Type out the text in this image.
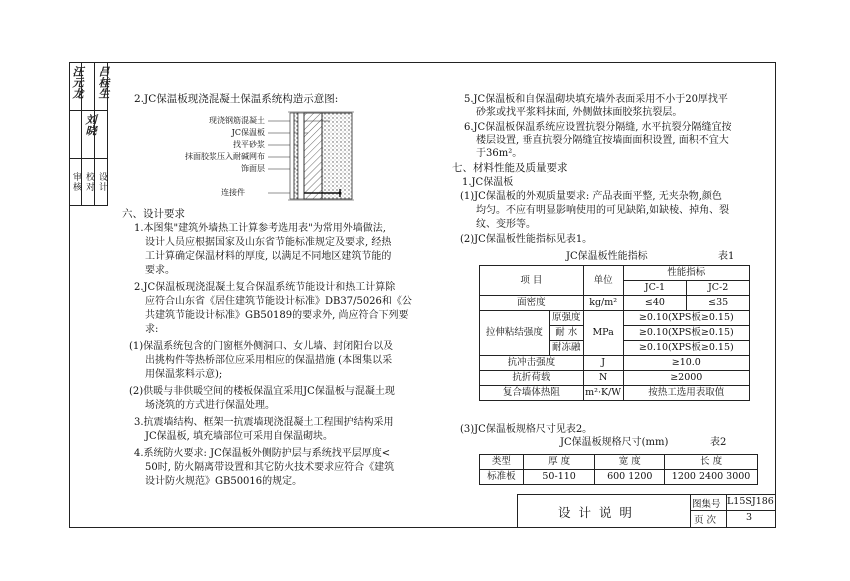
审核 校对 设计
汪元龙
刘晓
吕桂生 2.JC保温板现浇混凝土保温系统构造示意图:
现浇钢筋混凝土
JC保温板
找平砂浆
抹面胶浆压入耐碱网布
饰面层
连接件
六、设计要求
1.本图集"建筑外墙热工计算参考选用表"为常用外墙做法,
设计人员应根据国家及山东省节能标准规定及要求, 经热
工计算确定保温材料的厚度, 以满足不同地区建筑节能的
要求。
2.JC保温板现浇混凝土复合保温系统节能设计和热工计算除
应符合山东省《居住建筑节能设计标准》DB37/5026和《公
共建筑节能设计标准》GB50189的要求外, 尚应符合下列要
求:
(1)保温系统包含的门窗框外侧洞口、女儿墙、封闭阳台以及
出挑构件等热桥部位应采用相应的保温措施 (本图集以采
用保温浆料示意);
(2)供暖与非供暖空间的楼板保温宜采用JC保温板与混凝土现
场浇筑的方式进行保温处理。
3.抗震墙结构、框架一抗震墙现浇混凝土工程围护结构采用
JC保温板, 填充墙部位可采用自保温砌块。
4.系统防火要求: JC保温板外侧防护层与系统找平层厚度<
50时, 防火隔离带设置和其它防火技术要求应符合《建筑
设计防火规范》GB50016的规定。
5.JC保温板和自保温砌块填充墙外表面采用不小于20厚找平
砂浆或找平浆料抹面, 外侧做抹面胶浆抗裂层。
6.JC保温板保温系统应设置抗裂分隔缝, 水平抗裂分隔缝宜按
楼层设置, 垂直抗裂分隔缝宜按墙面面积设置, 面积不宜大
于36m²。
七、材料性能及质量要求
1.JC保温板
(1)JC保温板的外观质量要求: 产品表面平整, 无夹杂物,颜色
均匀。不应有明显影响使用的可见缺陷,如缺棱、掉角、裂
纹、变形等。
(2)JC保温板性能指标见表1。
JC保温板性能指标	表1
项 目		单位	性能指标	
			JC-1	JC-2
面密度		kg/m²	≤40	≤35
拉伸粘结强度	原强度	MPa	≥0.10(XPS板≥0.15)	
	耐 水		≥0.10(XPS板≥0.15)	
	耐冻融		≥0.10(XPS板≥0.15)	
抗冲击强度		J	≥10.0	
抗折荷载		N	≥2000	
复合墙体热阻		m²·K/W	按热工选用表取值	
(3)JC保温板规格尺寸见表2。
JC保温板规格尺寸(mm)	表2
类型	厚 度	宽 度	长 度
标准板	50-110	600 1200	1200 2400 3000
设 计 说 明
图集号 L15SJ186
页 次	3
